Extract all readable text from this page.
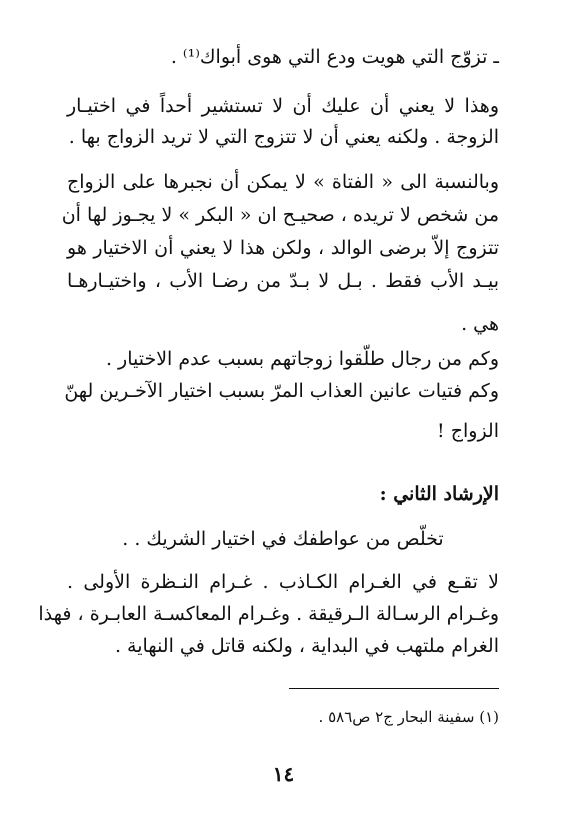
ـ تزوّج التي هويت ودع التي هوى أبواك⁽¹⁾ .
وهذا لا يعني أن عليك أن لا تستشير أحداً في اختيـار
الزوجة . ولكنه يعني أن لا تتزوج التي لا تريد الزواج بها .
وبالنسبة الى « الفتاة » لا يمكن أن نجبرها على الزواج
من شخص لا تريده ، صحيـح ان « البكر » لا يجـوز لها أن
تتزوج إلاّ برضى الوالد ، ولكن هذا لا يعني أن الاختيار هو
بيـد الأب فقط . بـل لا بـدّ من رضـا الأب ، واختيـارهـا
هي .
وكم من رجال طلّقوا زوجاتهم بسبب عدم الاختيار .
وكم فتيات عانين العذاب المرّ بسبب اختيار الآخـرين لهنّ
الزواج !
الإرشاد الثاني :
تخلّص من عواطفك في اختيار الشريك . .
لا تقـع في الغـرام الكـاذب . غـرام النـظرة الأولى .
وغـرام الرسـالة الـرقيقة . وغـرام المعاكسـة العابـرة ، فهذا
الغرام ملتهب في البداية ، ولكنه قاتل في النهاية .
(١) سفينة البحار ج٢ ص٥٨٦ .
١٤
